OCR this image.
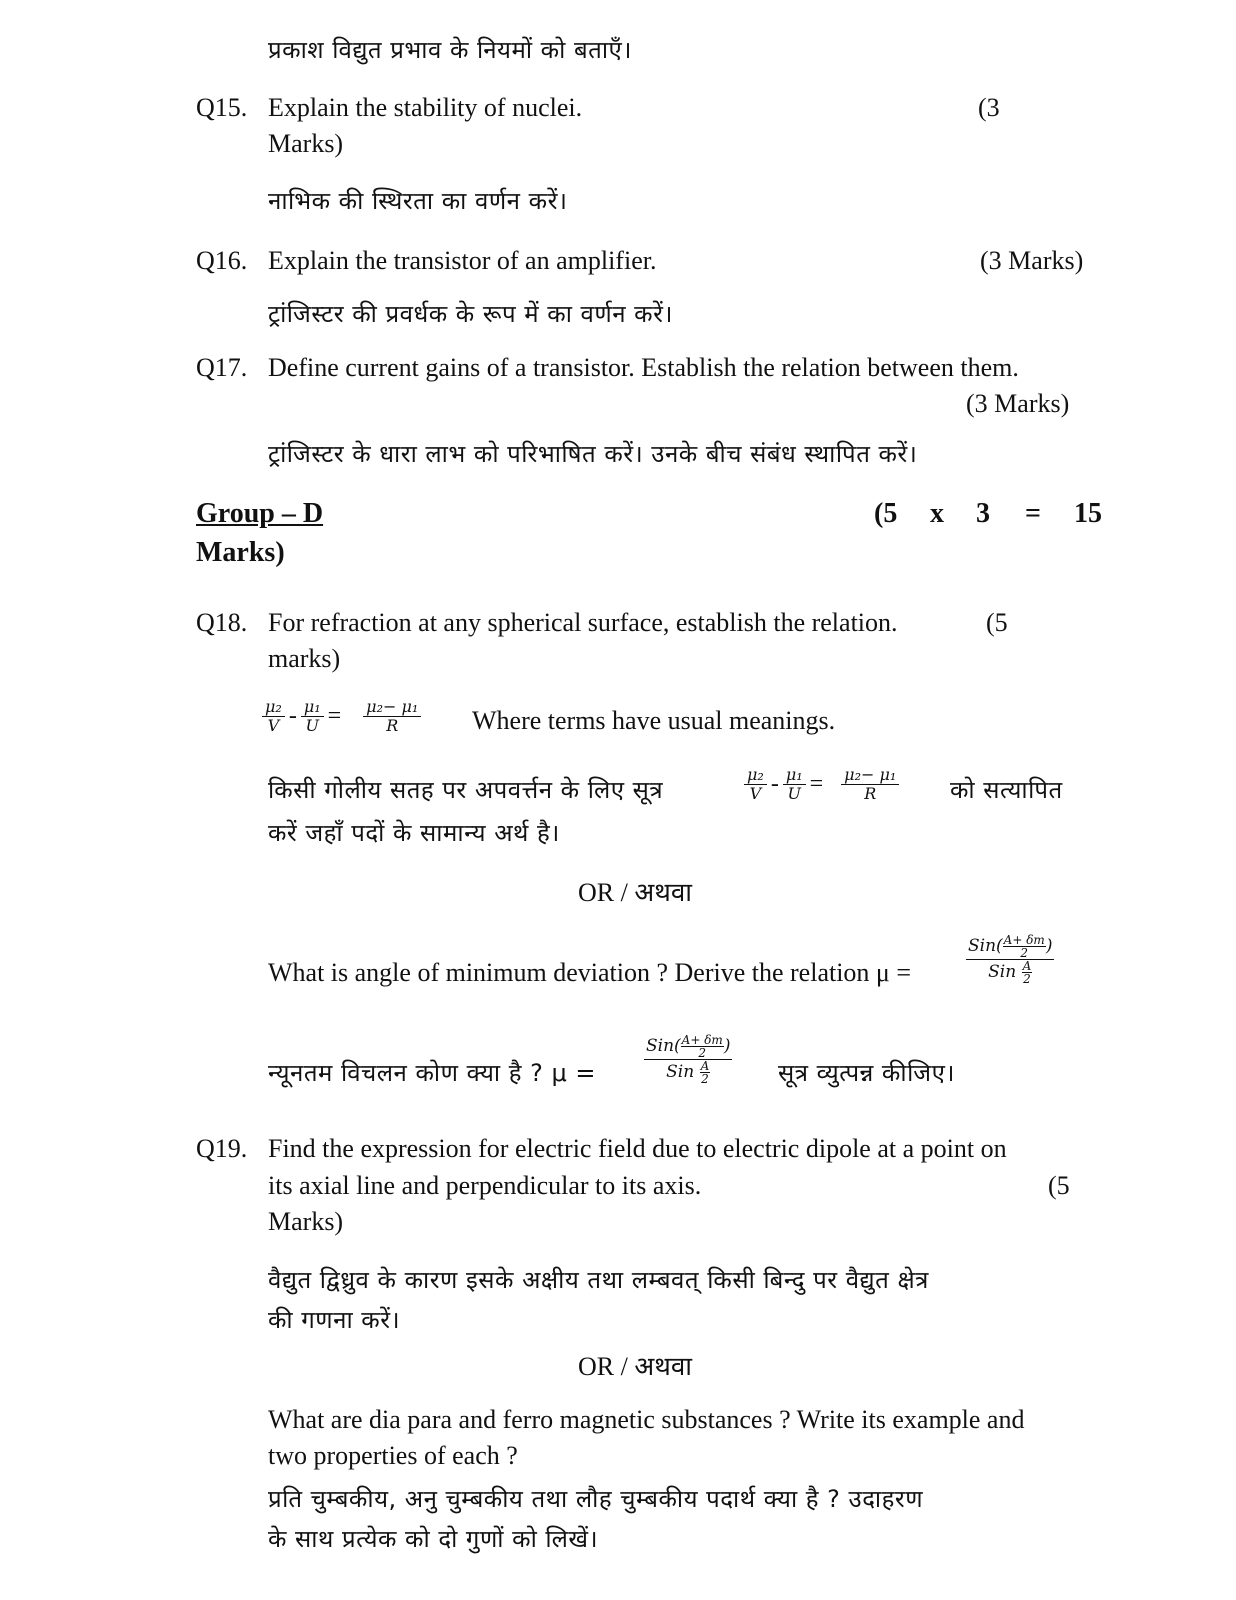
प्रकाश विद्युत प्रभाव के नियमों को बताएँ।
Q15. Explain the stability of nuclei.	(3
Marks)
नाभिक की स्थिरता का वर्णन करें।
Q16. Explain the transistor of an amplifier.	(3 Marks)
ट्रांजिस्टर की प्रवर्धक के रूप में का वर्णन करें।
Q17. Define current gains of a transistor. Establish the relation between them.
(3 Marks)
ट्रांजिस्टर के धारा लाभ को परिभाषित करें। उनके बीच संबंध स्थापित करें।
Group – D	(5 x 3 = 15
Marks)
Q18. For refraction at any spherical surface, establish the relation.	(5
marks)
$\frac{\text{μ₂}}{V} - \frac{\text{μ₁}}{U} = \frac{\text{μ₂− μ₁}}{R}$ Where terms have usual meanings.
किसी गोलीय सतह पर अपवर्त्तन के लिए सूत्र	$\frac{\text{μ₂}}{V} - \frac{\text{μ₁}}{U} = \frac{\text{μ₂− μ₁}}{R}$ को सत्यापित
करें जहाँ पदों के सामान्य अर्थ है।
OR / अथवा
What is angle of minimum deviation ? Derive the relation μ =	$\frac{Sin( \frac{A+ \delta m}{2} )}{Sin \frac{A}{2}}$
न्यूनतम विचलन कोण क्या है ? μ =	$\frac{Sin( \frac{A+ \delta m}{2} )}{Sin \frac{A}{2}}$ सूत्र व्युत्पन्न कीजिए।
Q19. Find the expression for electric field due to electric dipole at a point on
its axial line and perpendicular to its axis.	(5
Marks)
वैद्युत द्विध्रुव के कारण इसके अक्षीय तथा लम्बवत् किसी बिन्दु पर वैद्युत क्षेत्र
की गणना करें।
OR / अथवा
What are dia para and ferro magnetic substances ? Write its example and
two properties of each ?
प्रति चुम्बकीय, अनु चुम्बकीय तथा लौह चुम्बकीय पदार्थ क्या है ? उदाहरण
के साथ प्रत्येक को दो गुणों को लिखें।
